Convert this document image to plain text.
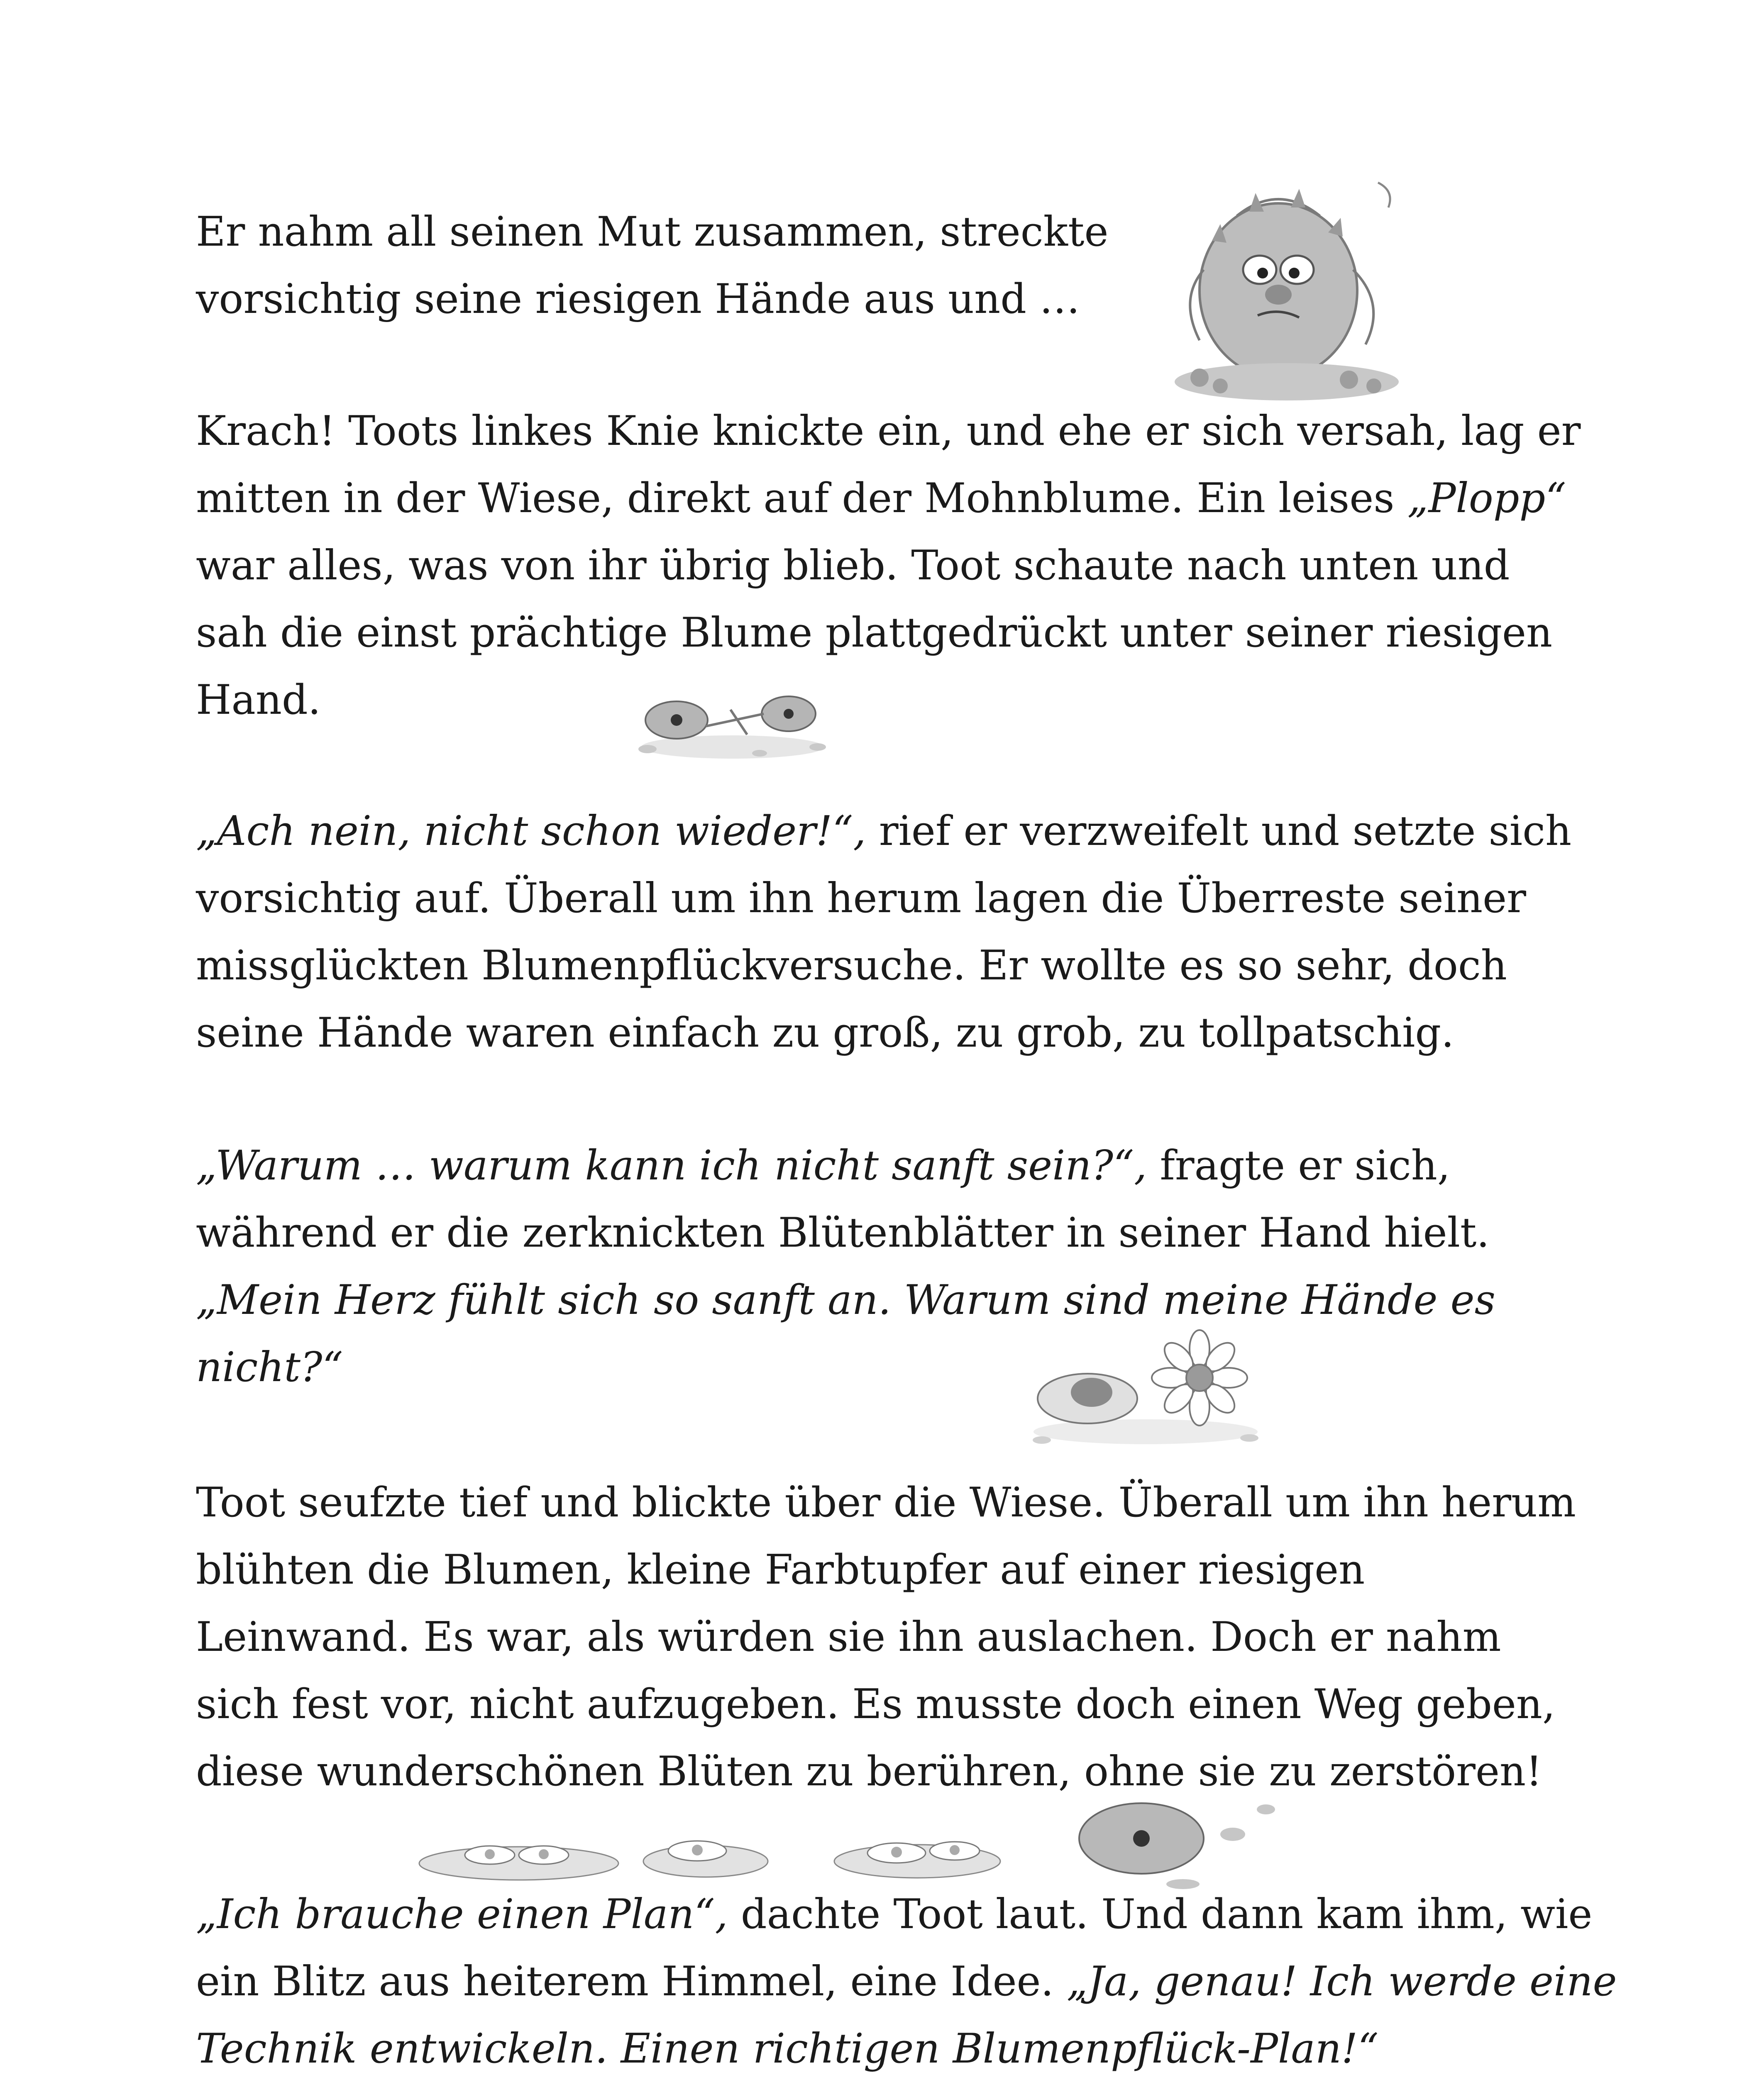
Er nahm all seinen Mut zusammen, streckte
vorsichtig seine riesigen Hände aus und …
Krach! Toots linkes Knie knickte ein, und ehe er sich versah, lag er
mitten in der Wiese, direkt auf der Mohnblume. Ein leises „Plopp“
war alles, was von ihr übrig blieb. Toot schaute nach unten und
sah die einst prächtige Blume plattgedrückt unter seiner riesigen
Hand.
„Ach nein, nicht schon wieder!“, rief er verzweifelt und setzte sich
vorsichtig auf. Überall um ihn herum lagen die Überreste seiner
missglückten Blumenpflückversuche. Er wollte es so sehr, doch
seine Hände waren einfach zu groß, zu grob, zu tollpatschig.
„Warum … warum kann ich nicht sanft sein?“, fragte er sich,
während er die zerknickten Blütenblätter in seiner Hand hielt.
„Mein Herz fühlt sich so sanft an. Warum sind meine Hände es
nicht?“
Toot seufzte tief und blickte über die Wiese. Überall um ihn herum
blühten die Blumen, kleine Farbtupfer auf einer riesigen
Leinwand. Es war, als würden sie ihn auslachen. Doch er nahm
sich fest vor, nicht aufzugeben. Es musste doch einen Weg geben,
diese wunderschönen Blüten zu berühren, ohne sie zu zerstören!
„Ich brauche einen Plan“, dachte Toot laut. Und dann kam ihm, wie
ein Blitz aus heiterem Himmel, eine Idee. „Ja, genau! Ich werde eine
Technik entwickeln. Einen richtigen Blumenpflück-Plan!“
